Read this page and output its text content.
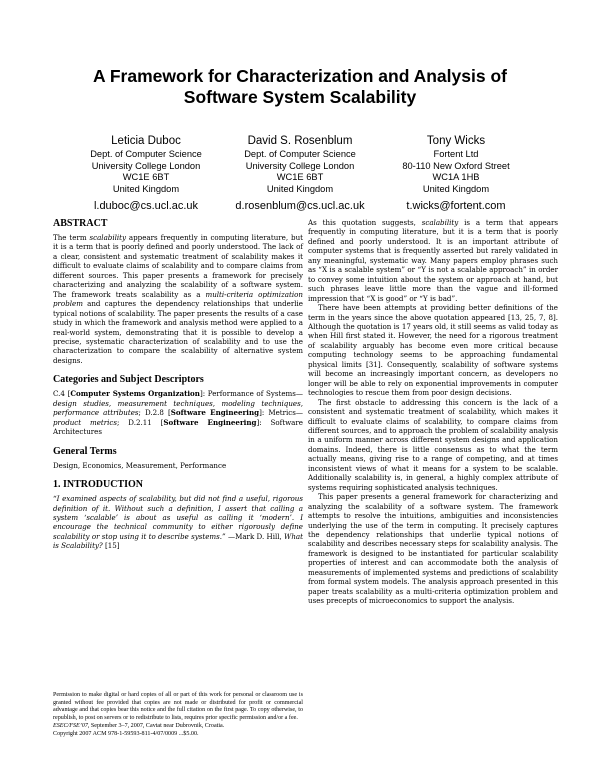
A Framework for Characterization and Analysis of
Software System Scalability
Leticia Duboc
Dept. of Computer Science
University College London
WC1E 6BT
United Kingdom
l.duboc@cs.ucl.ac.uk
David S. Rosenblum
Dept. of Computer Science
University College London
WC1E 6BT
United Kingdom
d.rosenblum@cs.ucl.ac.uk
Tony Wicks
Fortent Ltd
80-110 New Oxford Street
WC1A 1HB
United Kingdom
t.wicks@fortent.com
ABSTRACT

The term scalability appears frequently in computing literature, but it is a term that is poorly defined and poorly understood. The lack of a clear, consistent and systematic treatment of scalability makes it difficult to evaluate claims of scalability and to compare claims from different sources. This paper presents a framework for precisely characterizing and analyzing the scalability of a software system. The framework treats scalability as a multi-criteria optimization problem and captures the dependency relationships that underlie typical notions of scalability. The paper presents the results of a case study in which the framework and analysis method were applied to a real-world system, demonstrating that it is possible to develop a precise, systematic characterization of scalability and to use the characterization to compare the scalability of alternative system designs.

Categories and Subject Descriptors

C.4 [Computer Systems Organization]: Performance of Systems—design studies, measurement techniques, modeling techniques, performance attributes; D.2.8 [Software Engineering]: Metrics—product metrics; D.2.11 [Software Engineering]: Software Architectures

General Terms

Design, Economics, Measurement, Performance

1. INTRODUCTION

“I examined aspects of scalability, but did not find a useful, rigorous definition of it. Without such a definition, I assert that calling a system ‘scalable’ is about as useful as calling it ‘modern’. I encourage the technical community to either rigorously define scalability or stop using it to describe systems.” —Mark D. Hill, What is Scalability? [15]

As this quotation suggests, scalability is a term that appears frequently in computing literature, but it is a term that is poorly defined and poorly understood. It is an important attribute of computer systems that is frequently asserted but rarely validated in any meaningful, systematic way. Many papers employ phrases such as “X is a scalable system” or “Y is not a scalable approach” in order to convey some intuition about the system or approach at hand, but such phrases leave little more than the vague and ill-formed impression that “X is good” or “Y is bad”.

There have been attempts at providing better definitions of the term in the years since the above quotation appeared [13, 25, 7, 8]. Although the quotation is 17 years old, it still seems as valid today as when Hill first stated it. However, the need for a rigorous treatment of scalability arguably has become even more critical because computing technology seems to be approaching fundamental physical limits [31]. Consequently, scalability of software systems will become an increasingly important concern, as developers no longer will be able to rely on exponential improvements in computer technologies to rescue them from poor design decisions.

The first obstacle to addressing this concern is the lack of a consistent and systematic treatment of scalability, which makes it difficult to evaluate claims of scalability, to compare claims from different sources, and to approach the problem of scalability analysis in a uniform manner across different system designs and application domains. Indeed, there is little consensus as to what the term actually means, giving rise to a range of competing, and at times inconsistent views of what it means for a system to be scalable. Additionally scalability is, in general, a highly complex attribute of systems requiring sophisticated analysis techniques.

This paper presents a general framework for characterizing and analyzing the scalability of a software system. The framework attempts to resolve the intuitions, ambiguities and inconsistencies underlying the use of the term in computing. It precisely captures the dependency relationships that underlie typical notions of scalability and describes necessary steps for scalability analysis. The framework is designed to be instantiated for particular scalability properties of interest and can accommodate both the analysis of measurements of implemented systems and predictions of scalability from formal system models. The analysis approach presented in this paper treats scalability as a multi-criteria optimization problem and uses precepts of microeconomics to support the analysis.

Permission to make digital or hard copies of all or part of this work for personal or classroom use is granted without fee provided that copies are not made or distributed for profit or commercial advantage and that copies bear this notice and the full citation on the first page. To copy otherwise, to republish, to post on servers or to redistribute to lists, requires prior specific permission and/or a fee.

ESEC/FSE’07, September 3–7, 2007, Cavtat near Dubrovnik, Croatia.

Copyright 2007 ACM 978-1-59593-811-4/07/0009 ...$5.00.
